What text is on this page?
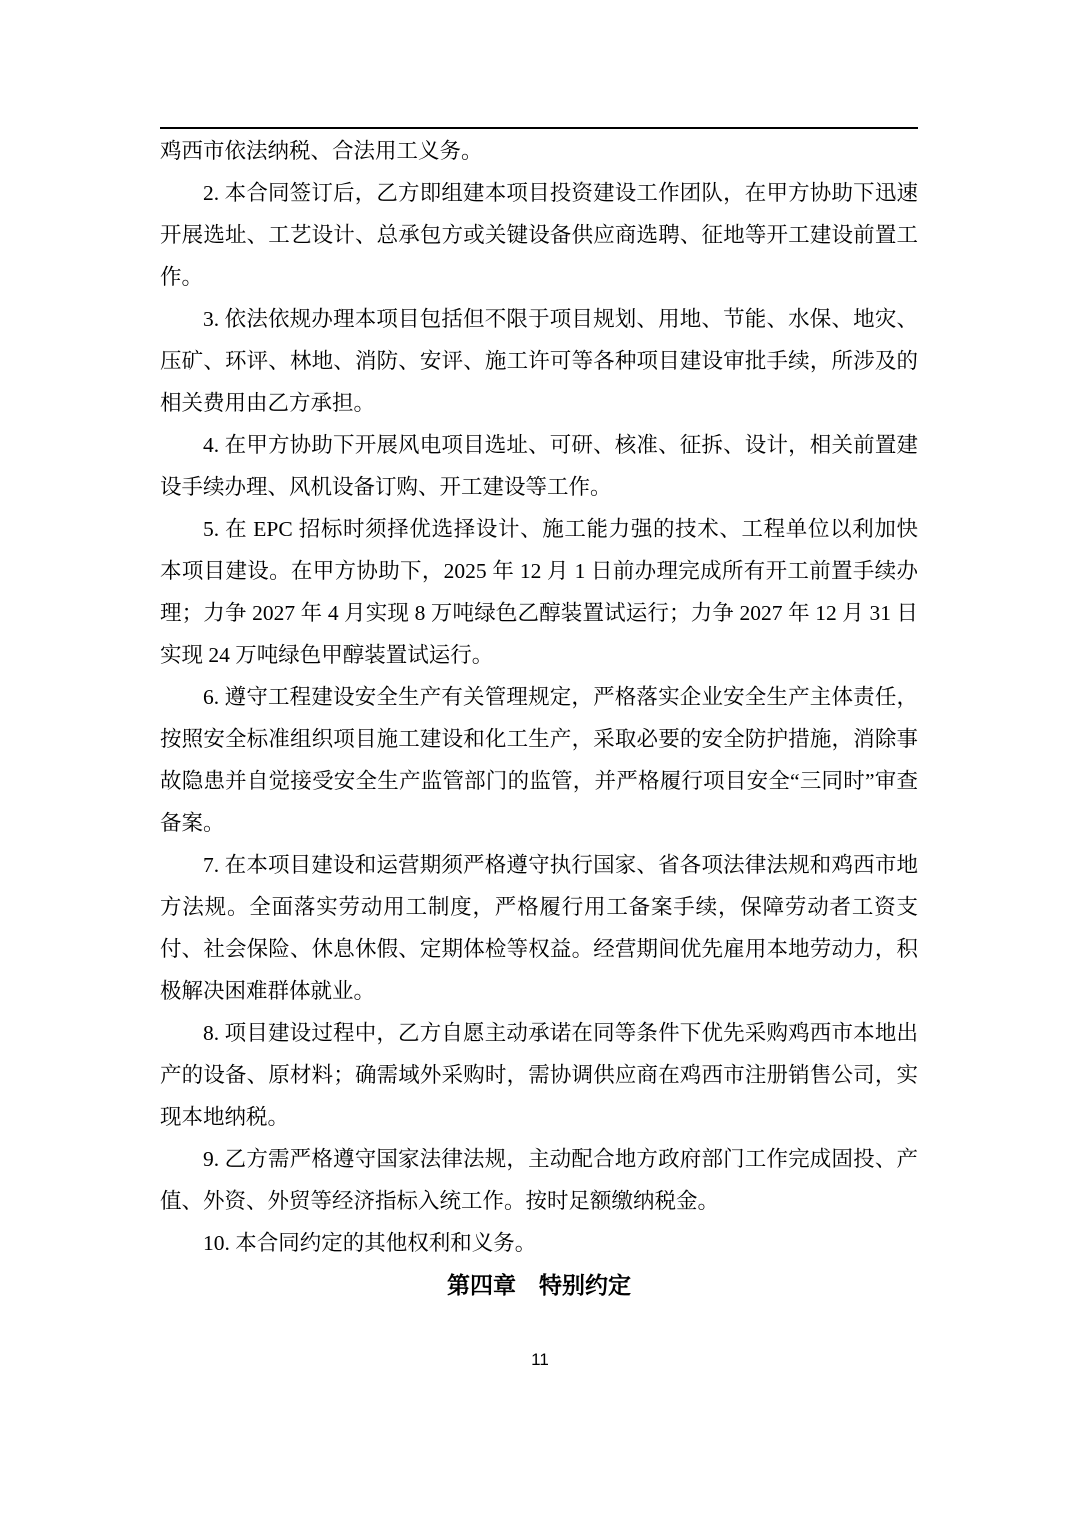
鸡西市依法纳税、合法用工义务。

2. 本合同签订后，乙方即组建本项目投资建设工作团队，在甲方协助下迅速开展选址、工艺设计、总承包方或关键设备供应商选聘、征地等开工建设前置工作。

3. 依法依规办理本项目包括但不限于项目规划、用地、节能、水保、地灾、压矿、环评、林地、消防、安评、施工许可等各种项目建设审批手续，所涉及的相关费用由乙方承担。

4. 在甲方协助下开展风电项目选址、可研、核准、征拆、设计，相关前置建设手续办理、风机设备订购、开工建设等工作。

5. 在 EPC 招标时须择优选择设计、施工能力强的技术、工程单位以利加快本项目建设。在甲方协助下，2025 年 12 月 1 日前办理完成所有开工前置手续办理；力争 2027 年 4 月实现 8 万吨绿色乙醇装置试运行；力争 2027 年 12 月 31 日实现 24 万吨绿色甲醇装置试运行。

6. 遵守工程建设安全生产有关管理规定，严格落实企业安全生产主体责任，按照安全标准组织项目施工建设和化工生产，采取必要的安全防护措施，消除事故隐患并自觉接受安全生产监管部门的监管，并严格履行项目安全“三同时”审查备案。

7. 在本项目建设和运营期须严格遵守执行国家、省各项法律法规和鸡西市地方法规。全面落实劳动用工制度，严格履行用工备案手续，保障劳动者工资支付、社会保险、休息休假、定期体检等权益。经营期间优先雇用本地劳动力，积极解决困难群体就业。

8. 项目建设过程中，乙方自愿主动承诺在同等条件下优先采购鸡西市本地出产的设备、原材料；确需域外采购时，需协调供应商在鸡西市注册销售公司，实现本地纳税。

9. 乙方需严格遵守国家法律法规，主动配合地方政府部门工作完成固投、产值、外资、外贸等经济指标入统工作。按时足额缴纳税金。

10. 本合同约定的其他权利和义务。

第四章　特别约定

11
